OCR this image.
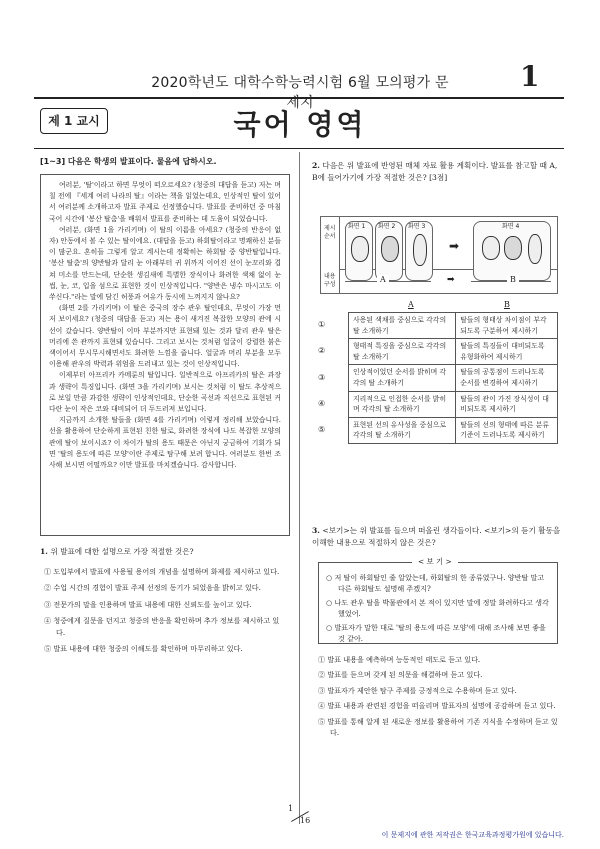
2020학년도 대학수학능력시험 6월 모의평가 문제지
1
제 1 교시	국어 영역
[1~3] 다음은 학생의 발표이다. 물음에 답하시오.

여러분, '탈'이라고 하면 무엇이 떠오르세요? (청중의 대답을 듣고) 저는 며칠 전에 『세계 여러 나라의 탈』이라는 책을 읽었는데요, 인상적인 탈이 있어서 여러분께 소개하고자 발표 주제로 선정했습니다. 발표를 준비하던 중 마침 국어 시간에 '봉산 탈춤'을 배워서 발표를 준비하는 데 도움이 되었습니다.

여러분, (화면 1을 가리키며) 이 탈의 이름을 아세요? (청중의 반응이 없자) 안동에서 볼 수 있는 탈이에요. (대답을 듣고) 하회탈이라고 명쾌하신 분들이 많군요. 혼히들 그렇게 알고 계시는데 정확히는 하회탈 중 양반탈입니다. '봉산 탈춤'의 양반탈과 달리 눈 아래부터 귀 위까지 이어진 선이 눈꼬리와 겹쳐 미소를 만드는데, 단순한 생김새에 특별한 장식이나 화려한 색채 없이 눈썹, 눈, 코, 입을 섬으로 표현한 것이 인상적입니다. "양반은 냉수 마시고도 이 쑤신다."라는 말에 담긴 허풍과 여유가 동시에 느껴지지 않나요?

(화면 2를 가리키며) 이 탈은 중국의 장수 관우 탈인데요, 무엇이 가장 먼저 보이세요? (청중의 대답을 듣고) 저는 용이 새겨진 복잡한 모양의 관에 시선이 갔습니다. 양반탈이 이마 부분까지만 표현돼 있는 것과 달리 관우 탈은 머리에 쓴 관까지 표현돼 있습니다. 그리고 보시는 것처럼 얼굴이 강렬한 붉은 색이어서 무시무시해면서도 화려한 느낌을 줍니다. 얼굴과 머리 부분을 모두 이용해 관우의 박력과 위엄을 드러내고 있는 것이 인상적입니다.

이제부터 아프리카 카메룬의 탈입니다. 일반적으로 아프리카의 탈은 과장과 생략이 특징입니다. (화면 3을 가리키며) 보시는 것처럼 이 탈도 추상적으로 보일 만큼 과감한 생략이 인상적인데요, 단순한 곡선과 직선으로 표현된 커다란 눈이 작은 코와 대비되어 더 두드러져 보입니다.

지금까지 소개한 탈들을 (화면 4를 가리키며) 이렇게 정리해 보았습니다. 선을 활용하여 단순하게 표현된 친한 탈로, 화려한 장식에 나도 복잡한 모양의 관에 탈이 보이시죠? 이 차이가 탈의 용도 때문은 아닌지 궁금하여 기회가 되면 '탈의 용도에 따른 모양'이란 주제로 탐구해 보려 합니다. 여러분도 한번 조사해 보시면 어떨까요? 이만 발표를 마치겠습니다. 감사합니다.

1. 위 발표에 대한 설명으로 가장 적절한 것은?

① 도입부에서 발표에 사용될 용어의 개념을 설명하며 화제를 제시하고 있다.

② 수업 시간의 경험이 발표 주제 선정의 동기가 되었음을 밝히고 있다.

③ 전문가의 말을 인용하며 발표 내용에 대한 신뢰도를 높이고 있다.

④ 청중에게 질문을 던지고 청중의 반응을 확인하며 추가 정보를 제시하고 있다.

⑤ 발표 내용에 대한 청중의 이해도를 확인하며 마무리하고 있다.

2. 다음은 위 발표에 반영된 매체 자료 활용 계획이다. 발표를 참고할 때 A, B에 들어가기에 가장 적절한 것은? [3점]
제시 순서
내용 구성
화면 1 화면 2 화면 3
➡
화면 4
A	B
➡
A	B
①	사용된 색채를 중심으로 각각의 탈 소개하기	탈들의 형태상 차이점이 부각되도록 구분하여 제시하기
②	형태적 특징을 중심으로 각각의 탈 소개하기	탈들의 특징들이 대비되도록 유형화하여 제시하기
③	인상적이었던 순서를 밝히며 각각의 탈 소개하기	탈들의 공통점이 드러나도록 순서를 변경하여 제시하기
④	지리적으로 인접한 순서를 밝히며 각각의 탈 소개하기	탈들의 관이 가진 장식성이 대비되도록 제시하기
⑤	표현된 선의 유사성을 중심으로 각각의 탈 소개하기	탈들의 선의 형태에 따른 분류 기준이 드러나도록 제시하기
3. <보기>는 위 발표를 들으며 떠올린 생각들이다. <보기>의 듣기 활동을 이해한 내용으로 적절하지 않은 것은?
< 보 기 >

○ 저 탈이 하회탈인 줄 알았는데, 하회탈의 한 종류였구나. 양반탈 말고 다른 하회탈도 설명해 주겠지?

○ 나도 관우 탈을 박물관에서 본 적이 있지만 말에 정말 화려하다고 생각했었어.

○ 발표자가 말한 대로 '탈의 용도에 따른 모양'에 대해 조사해 보면 좋을 것 같아.

① 발표 내용을 예측하며 능동적인 태도로 듣고 있다.

② 발표를 듣으며 갖게 된 의문을 해결하며 듣고 있다.

③ 발표자가 제안한 탐구 주제를 긍정적으로 수용하며 듣고 있다.

④ 발표 내용과 관련된 경험을 떠올리며 발표자의 설명에 공감하며 듣고 있다.

⑤ 발표를 통해 알게 된 새로운 정보를 활용하여 기존 지식을 수정하며 듣고 있다.

1
16
이 문제지에 관한 저작권은 한국교육과정평가원에 있습니다.
